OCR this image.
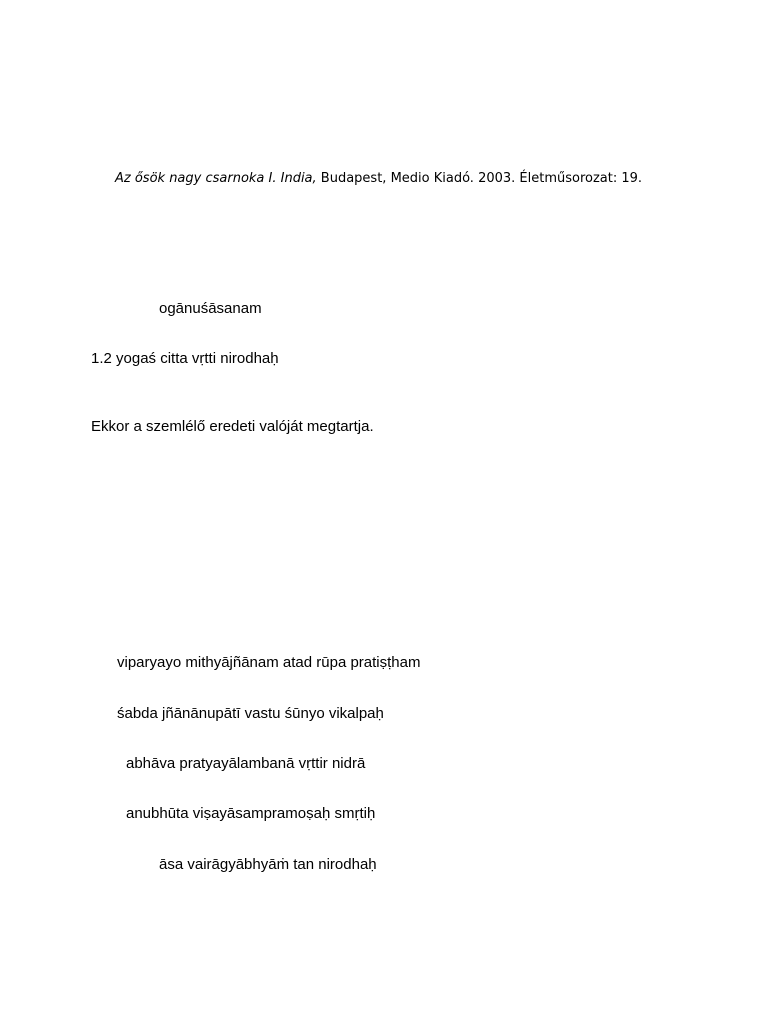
Az ősök nagy csarnoka I. India, Budapest, Medio Kiadó. 2003. Életműsorozat: 19.
ogānuśāsanam
1.2 yogaś citta vṛtti nirodhaḥ
Ekkor a szemlélő eredeti valóját megtartja.
viparyayo mithyājñānam atad rūpa pratiṣṭham
śabda jñānānupātī vastu śūnyo vikalpaḥ
abhāva pratyayālambanā vṛttir nidrā
anubhūta viṣayāsampramoṣaḥ smṛtiḥ
āsa vairāgyābhyāṁ tan nirodhaḥ
